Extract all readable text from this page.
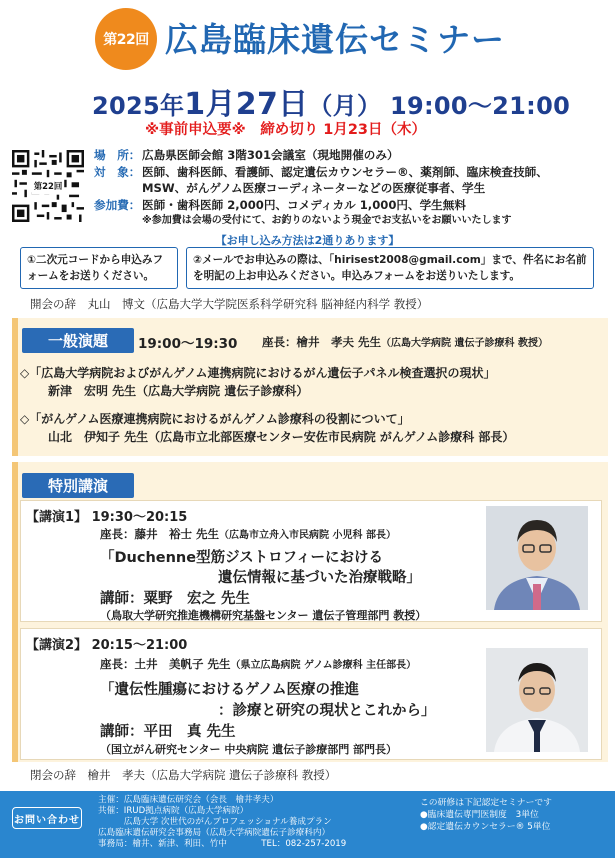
第22回 広島臨床遺伝セミナー
2025年1月27日（月） 19:00～21:00
※事前申込要※　締め切り 1月23日（木）
第22回
場　所： 広島県医師会館 3階301会議室（現地開催のみ）
対　象： 医師、歯科医師、看護師、認定遺伝カウンセラー®、薬剤師、臨床検査技師、
MSW、がんゲノム医療コーディネーターなどの医療従事者、学生
参加費： 医師・歯科医師 2,000円、コメディカル 1,000円、学生無料
※参加費は会場の受付にて、お釣りのないよう現金でお支払いをお願いいたします
【お申し込み方法は2通りあります】
①二次元コードから申込みフォームをお送りください。
②メールでお申込みの際は、「hirisest2008@gmail.com」まで、件名にお名前を明記の上お申込みください。申込みフォームをお送りいたします。
開会の辞　丸山　博文（広島大学大学院医系科学研究科 脳神経内科学 教授）
一般演題	19:00～19:30 座長：檜井　孝夫 先生（広島大学病院 遺伝子診療科 教授）
◇「広島大学病院およびがんゲノム連携病院におけるがん遺伝子パネル検査選択の現状」
新津　宏明 先生（広島大学病院 遺伝子診療科）
◇「がんゲノム医療連携病院におけるがんゲノム診療科の役割について」
山北　伊知子 先生（広島市立北部医療センター安佐市民病院 がんゲノム診療科 部長）
特別講演
【講演1】 19:30～20:15
座長：藤井　裕士 先生（広島市立舟入市民病院 小児科 部長）
「Duchenne型筋ジストロフィーにおける
遺伝情報に基づいた治療戦略」
講師：粟野　宏之 先生
（鳥取大学研究推進機構研究基盤センター 遺伝子管理部門 教授）
【講演2】 20:15～21:00
座長：土井　美帆子 先生（県立広島病院 ゲノム診療科 主任部長）
「遺伝性腫瘍におけるゲノム医療の推進
：診療と研究の現状とこれから」
講師：平田　真 先生
（国立がん研究センター 中央病院 遺伝子診療部門 部門長）
閉会の辞　檜井　孝夫（広島大学病院 遺伝子診療科 教授）
お問い合わせ
主催：広島臨床遺伝研究会（会長　檜井孝夫）
共催：IRUD拠点病院（広島大学病院）
　　　広島大学 次世代のがんプロフェッショナル養成プラン
広島臨床遺伝研究会事務局（広島大学病院遺伝子診療科内）
事務局：檜井、新津、利田、竹中　　　　TEL：082-257-2019
この研修は下記認定セミナーです
●臨床遺伝専門医制度　3単位
●認定遺伝カウンセラー® 5単位
